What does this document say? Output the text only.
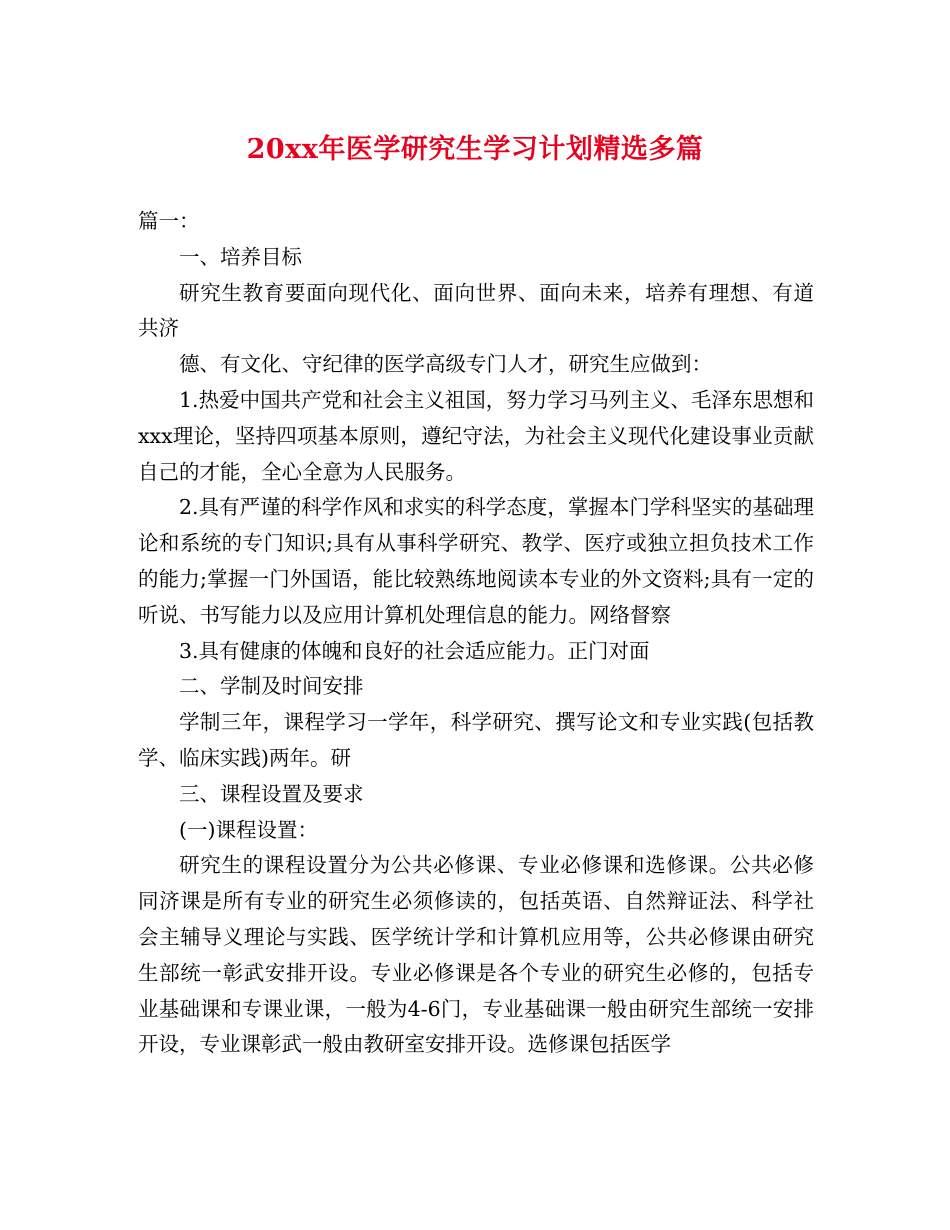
20xx年医学研究生学习计划精选多篇

篇一：

一、培养目标

研究生教育要面向现代化、面向世界、面向未来，培养有理想、有道共济

德、有文化、守纪律的医学高级专门人才，研究生应做到：

1.热爱中国共产党和社会主义祖国，努力学习马列主义、毛泽东思想和xxx理论，坚持四项基本原则，遵纪守法，为社会主义现代化建设事业贡献自己的才能，全心全意为人民服务。

2.具有严谨的科学作风和求实的科学态度，掌握本门学科坚实的基础理论和系统的专门知识;具有从事科学研究、教学、医疗或独立担负技术工作的能力;掌握一门外国语，能比较熟练地阅读本专业的外文资料;具有一定的听说、书写能力以及应用计算机处理信息的能力。网络督察

3.具有健康的体魄和良好的社会适应能力。正门对面

二、学制及时间安排

学制三年，课程学习一学年，科学研究、撰写论文和专业实践(包括教学、临床实践)两年。研

三、课程设置及要求

(一)课程设置：

研究生的课程设置分为公共必修课、专业必修课和选修课。公共必修同济课是所有专业的研究生必须修读的，包括英语、自然辩证法、科学社会主辅导义理论与实践、医学统计学和计算机应用等，公共必修课由研究生部统一彰武安排开设。专业必修课是各个专业的研究生必修的，包括专业基础课和专课业课，一般为4-6门，专业基础课一般由研究生部统一安排开设，专业课彰武一般由教研室安排开设。选修课包括医学
